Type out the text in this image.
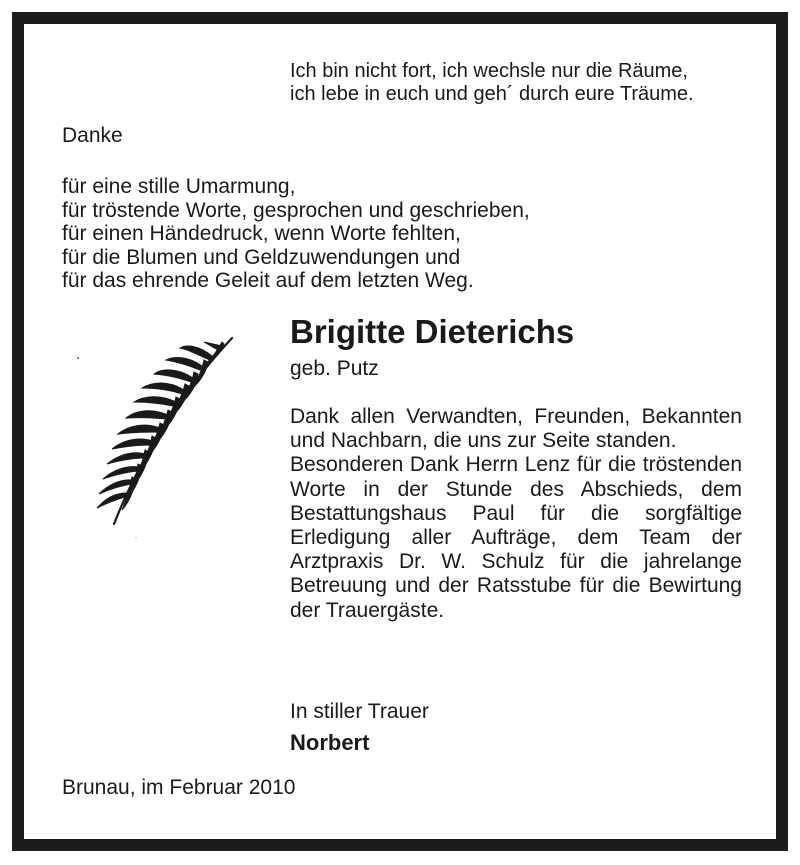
Ich bin nicht fort, ich wechsle nur die Räume,
ich lebe in euch und geh´ durch eure Träume.
Danke
für eine stille Umarmung,
für tröstende Worte, gesprochen und geschrieben,
für einen Händedruck, wenn Worte fehlten,
für die Blumen und Geldzuwendungen und
für das ehrende Geleit auf dem letzten Weg.
Brigitte Dieterichs
geb. Putz

Dank allen Verwandten, Freunden, Bekannten und Nachbarn, die uns zur Seite standen.

Besonderen Dank Herrn Lenz für die tröstenden Worte in der Stunde des Abschieds, dem Bestattungshaus Paul für die sorgfältige Erledigung aller Aufträge, dem Team der Arztpraxis Dr. W. Schulz für die jahrelange Betreuung und der Ratsstube für die Bewirtung der Trauergäste.

In stiller Trauer
Norbert
Brunau, im Februar 2010
